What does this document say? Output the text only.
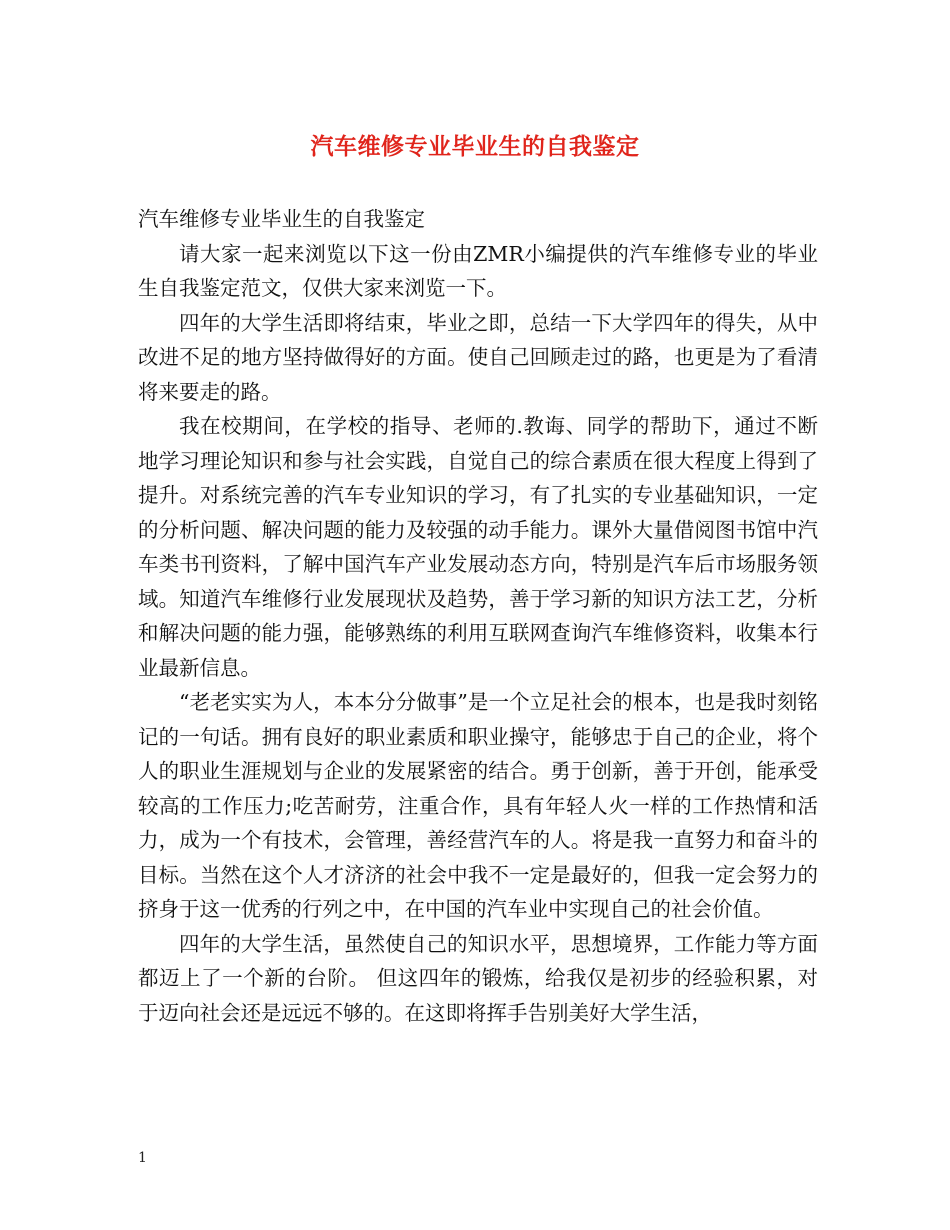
汽车维修专业毕业生的自我鉴定

汽车维修专业毕业生的自我鉴定

请大家一起来浏览以下这一份由ZMR小编提供的汽车维修专业的毕业生自我鉴定范文，仅供大家来浏览一下。

四年的大学生活即将结束，毕业之即，总结一下大学四年的得失，从中改进不足的地方坚持做得好的方面。使自己回顾走过的路，也更是为了看清将来要走的路。

我在校期间，在学校的指导、老师的.教诲、同学的帮助下，通过不断地学习理论知识和参与社会实践，自觉自己的综合素质在很大程度上得到了提升。对系统完善的汽车专业知识的学习，有了扎实的专业基础知识，一定的分析问题、解决问题的能力及较强的动手能力。课外大量借阅图书馆中汽车类书刊资料，了解中国汽车产业发展动态方向，特别是汽车后市场服务领域。知道汽车维修行业发展现状及趋势，善于学习新的知识方法工艺，分析和解决问题的能力强，能够熟练的利用互联网查询汽车维修资料，收集本行业最新信息。

“老老实实为人，本本分分做事”是一个立足社会的根本，也是我时刻铭记的一句话。拥有良好的职业素质和职业操守，能够忠于自己的企业，将个人的职业生涯规划与企业的发展紧密的结合。勇于创新，善于开创，能承受较高的工作压力;吃苦耐劳，注重合作，具有年轻人火一样的工作热情和活力，成为一个有技术，会管理，善经营汽车的人。将是我一直努力和奋斗的目标。当然在这个人才济济的社会中我不一定是最好的，但我一定会努力的挤身于这一优秀的行列之中，在中国的汽车业中实现自己的社会价值。

四年的大学生活，虽然使自己的知识水平，思想境界，工作能力等方面都迈上了一个新的台阶。 但这四年的锻炼，给我仅是初步的经验积累，对于迈向社会还是远远不够的。在这即将挥手告别美好大学生活，

1
